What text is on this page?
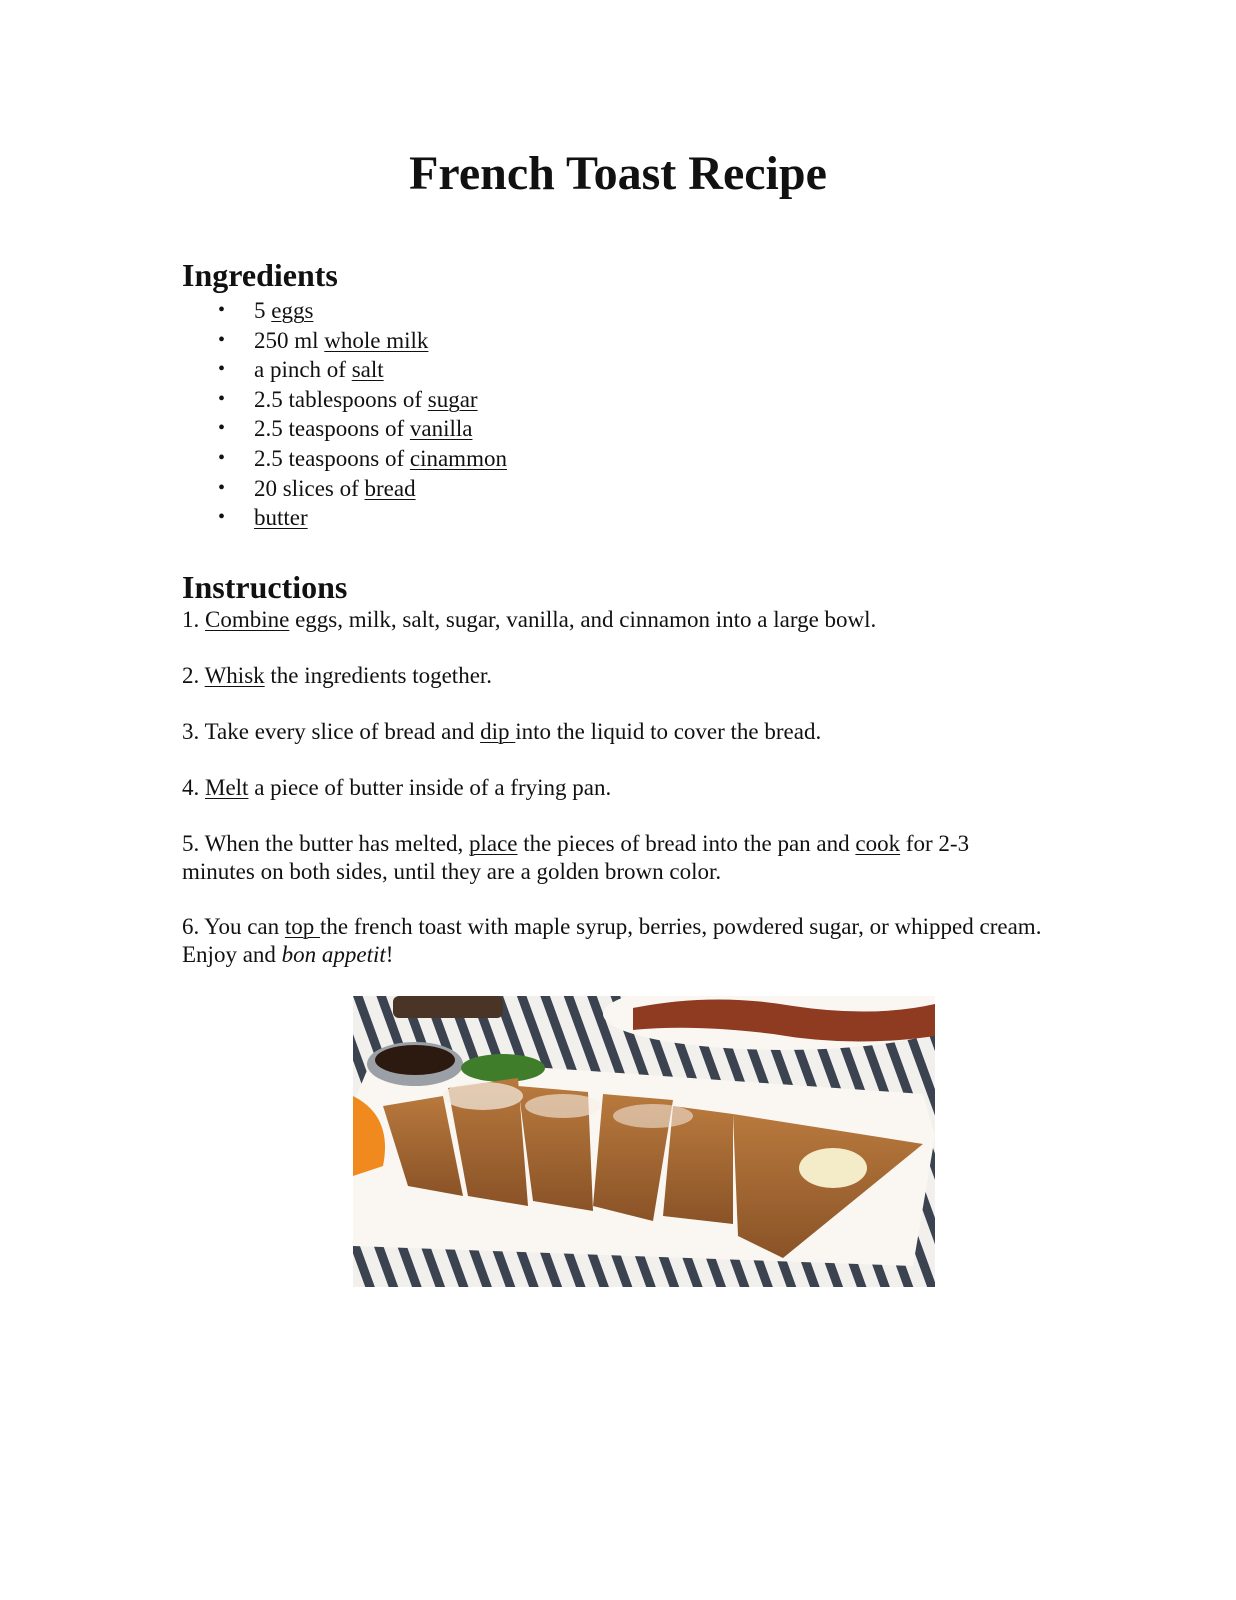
French Toast Recipe
Ingredients
• 5 eggs
• 250 ml whole milk
• a pinch of salt
• 2.5 tablespoons of sugar
• 2.5 teaspoons of vanilla
• 2.5 teaspoons of cinammon
• 20 slices of bread
• butter
Instructions

1. Combine eggs, milk, salt, sugar, vanilla, and cinnamon into a large bowl.

2. Whisk the ingredients together.

3. Take every slice of bread and dip into the liquid to cover the bread.

4. Melt a piece of butter inside of a frying pan.

5. When the butter has melted, place the pieces of bread into the pan and cook for 2-3 minutes on both sides, until they are a golden brown color.

6. You can top the french toast with maple syrup, berries, powdered sugar, or whipped cream. Enjoy and bon appetit!
